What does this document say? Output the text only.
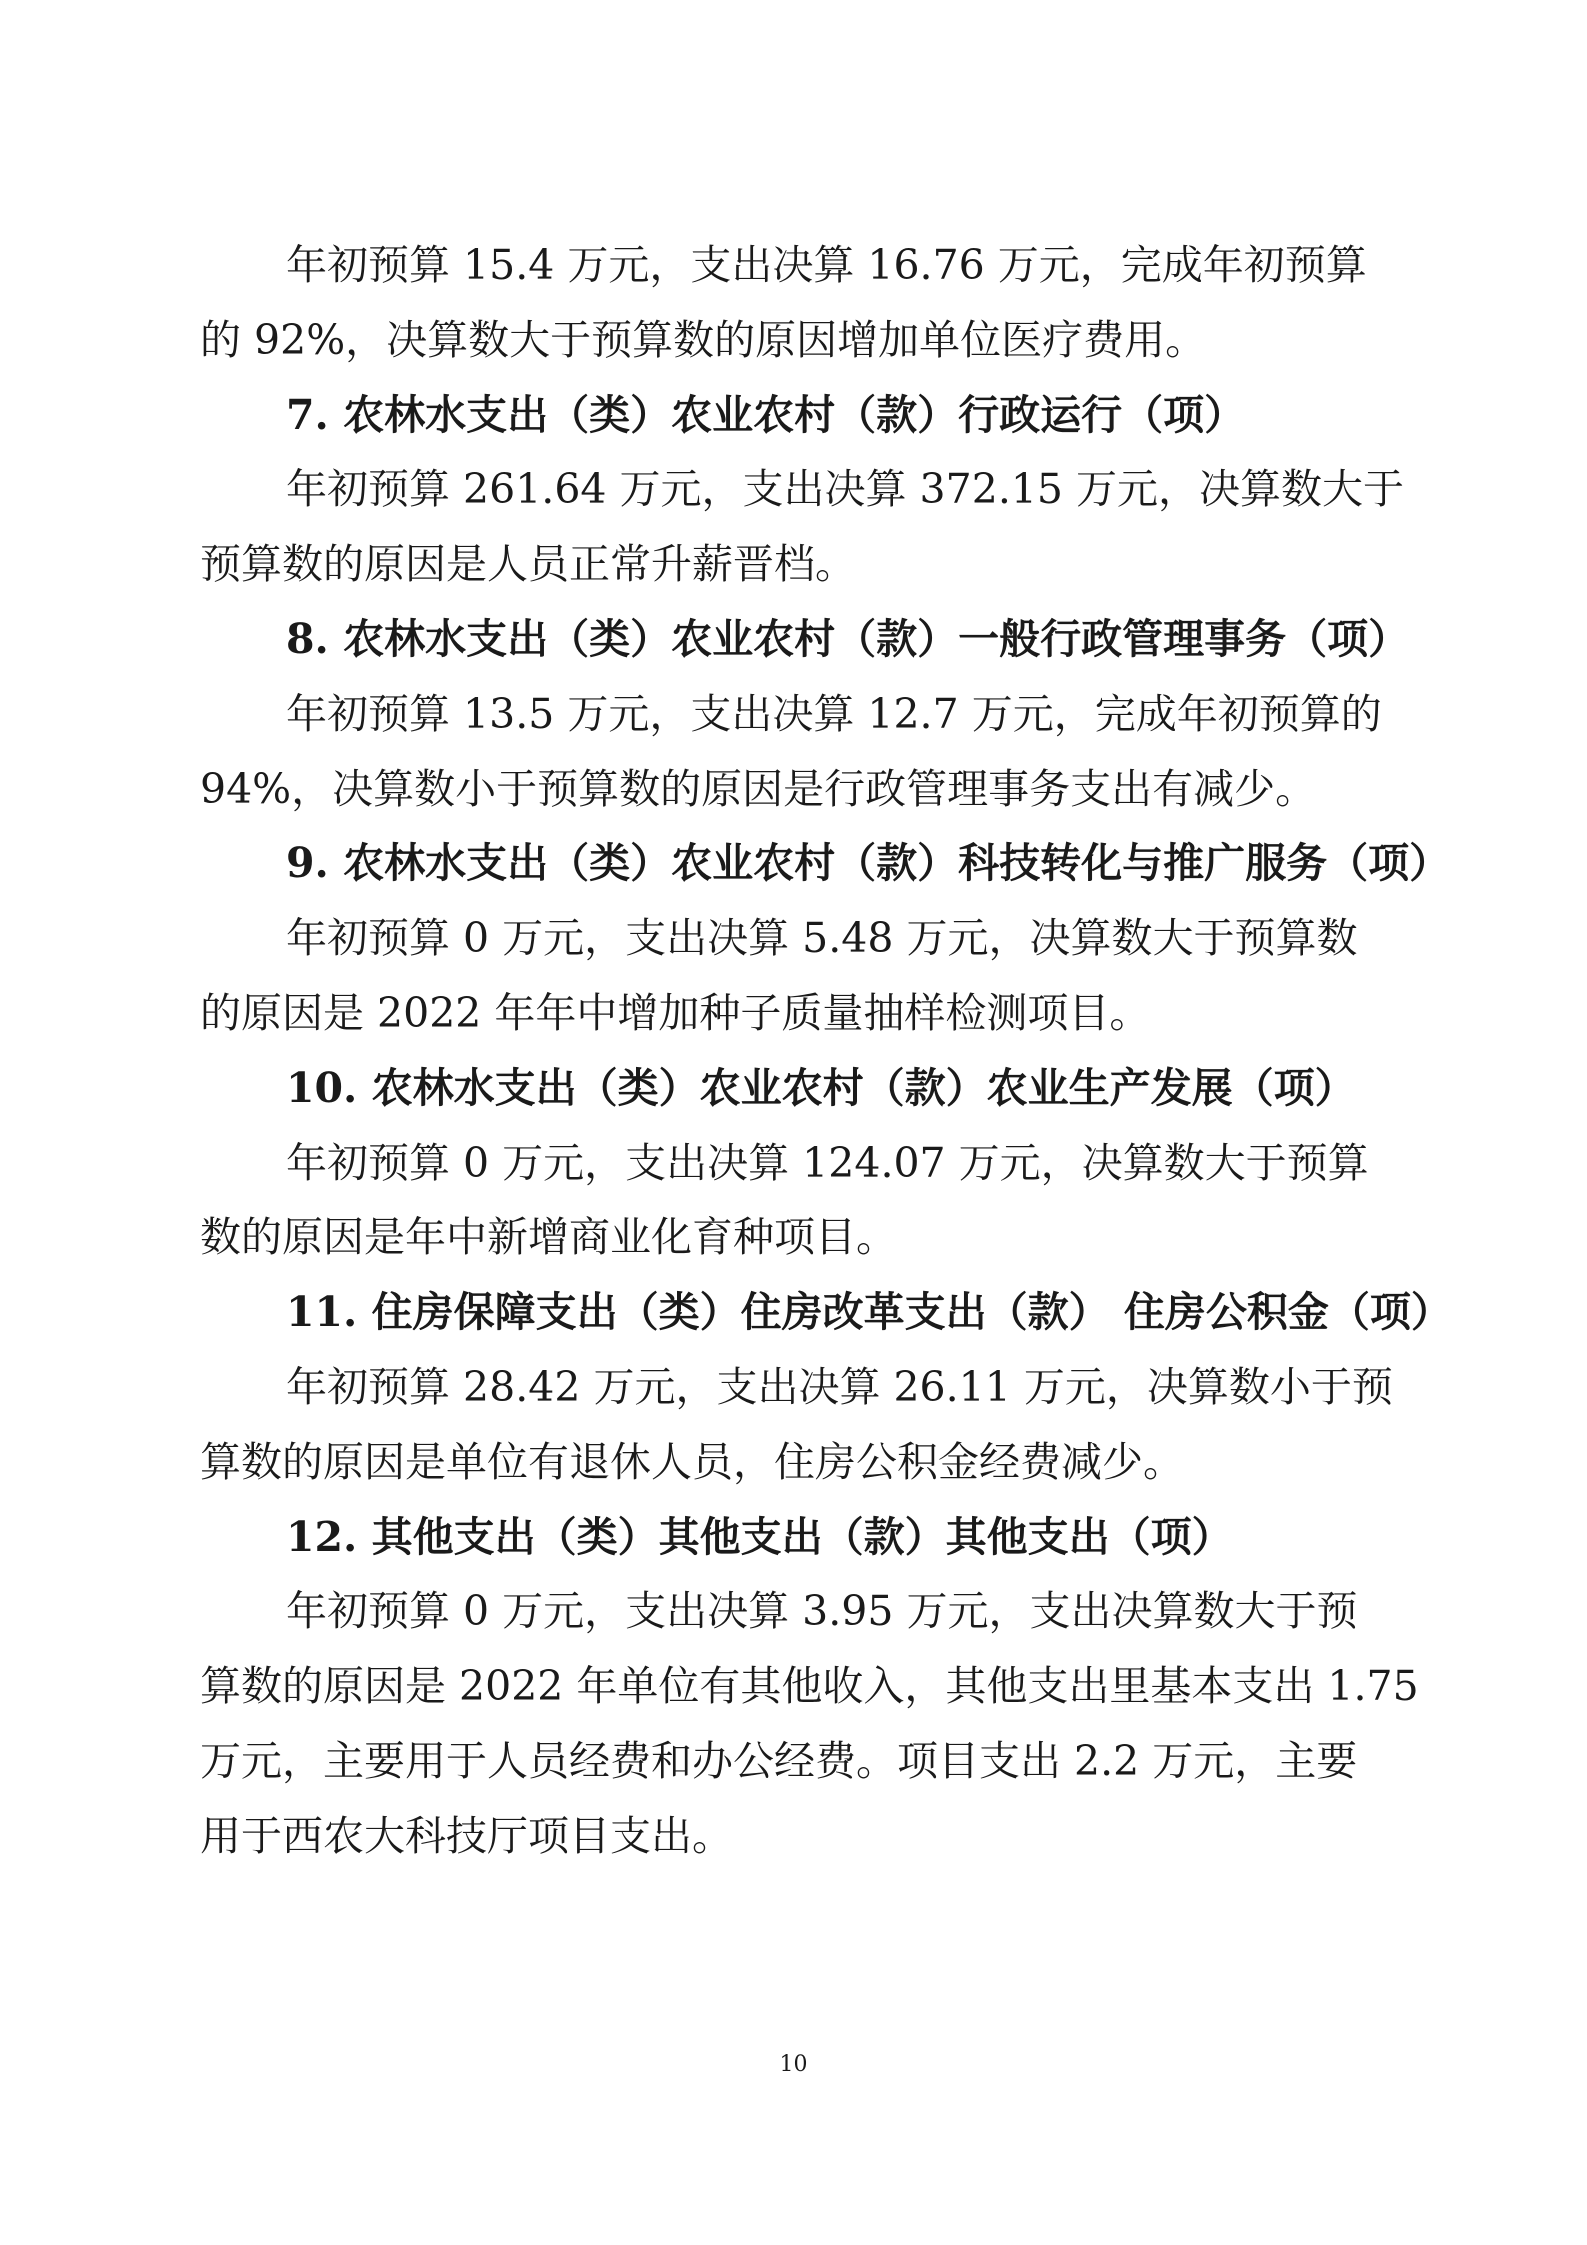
年初预算 15.4 万元，支出决算 16.76 万元，完成年初预算
的 92%，决算数大于预算数的原因增加单位医疗费用。
7. 农林水支出（类）农业农村（款）行政运行（项）
年初预算 261.64 万元，支出决算 372.15 万元，决算数大于
预算数的原因是人员正常升薪晋档。
8. 农林水支出（类）农业农村（款）一般行政管理事务（项）
年初预算 13.5 万元，支出决算 12.7 万元，完成年初预算的
94%，决算数小于预算数的原因是行政管理事务支出有减少。
9. 农林水支出（类）农业农村（款）科技转化与推广服务（项）
年初预算 0 万元，支出决算 5.48 万元，决算数大于预算数
的原因是 2022 年年中增加种子质量抽样检测项目。
10. 农林水支出（类）农业农村（款）农业生产发展（项）
年初预算 0 万元，支出决算 124.07 万元，决算数大于预算
数的原因是年中新增商业化育种项目。
11. 住房保障支出（类）住房改革支出（款） 住房公积金（项）
年初预算 28.42 万元，支出决算 26.11 万元，决算数小于预
算数的原因是单位有退休人员，住房公积金经费减少。
12. 其他支出（类）其他支出（款）其他支出（项）
年初预算 0 万元，支出决算 3.95 万元，支出决算数大于预
算数的原因是 2022 年单位有其他收入，其他支出里基本支出 1.75
万元，主要用于人员经费和办公经费。项目支出 2.2 万元，主要
用于西农大科技厅项目支出。
10
